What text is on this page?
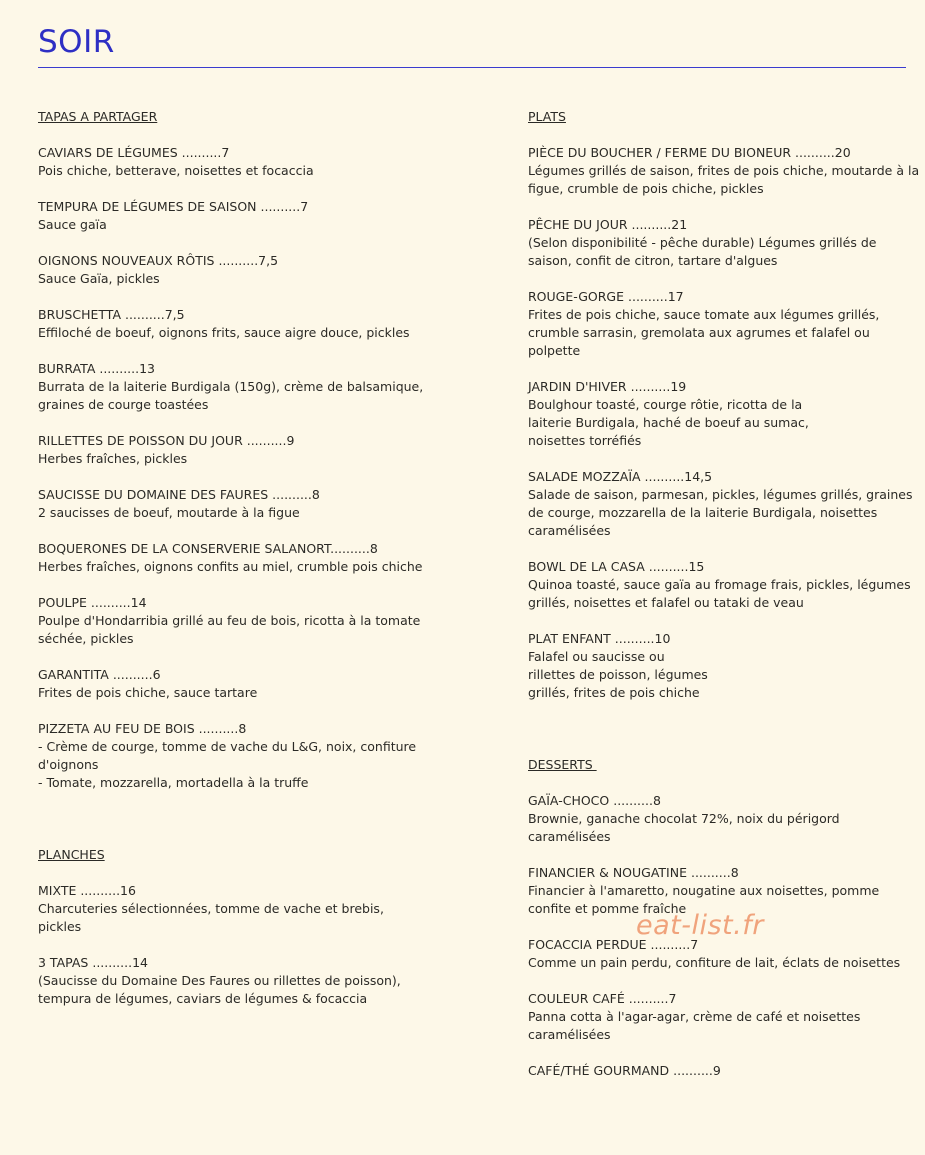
SOIR
TAPAS A PARTAGER
CAVIARS DE LÉGUMES ..........7
Pois chiche, betterave, noisettes et focaccia
TEMPURA DE LÉGUMES DE SAISON ..........7
Sauce gaïa
OIGNONS NOUVEAUX RÔTIS ..........7,5
Sauce Gaïa, pickles
BRUSCHETTA ..........7,5
Effiloché de boeuf, oignons frits, sauce aigre douce, pickles
BURRATA ..........13
Burrata de la laiterie Burdigala (150g), crème de balsamique,
graines de courge toastées
RILLETTES DE POISSON DU JOUR ..........9
Herbes fraîches, pickles
SAUCISSE DU DOMAINE DES FAURES ..........8
2 saucisses de boeuf, moutarde à la figue
BOQUERONES DE LA CONSERVERIE SALANORT..........8
Herbes fraîches, oignons confits au miel, crumble pois chiche
POULPE ..........14
Poulpe d'Hondarribia grillé au feu de bois, ricotta à la tomate
séchée, pickles
GARANTITA ..........6
Frites de pois chiche, sauce tartare
PIZZETA AU FEU DE BOIS ..........8
- Crème de courge, tomme de vache du L&G, noix, confiture
d'oignons
- Tomate, mozzarella, mortadella à la truffe
PLANCHES
MIXTE ..........16
Charcuteries sélectionnées, tomme de vache et brebis,
pickles
3 TAPAS ..........14
(Saucisse du Domaine Des Faures ou rillettes de poisson),
tempura de légumes, caviars de légumes & focaccia
PLATS
PIÈCE DU BOUCHER / FERME DU BIONEUR ..........20
Légumes grillés de saison, frites de pois chiche, moutarde à la
figue, crumble de pois chiche, pickles
PÊCHE DU JOUR ..........21
(Selon disponibilité - pêche durable) Légumes grillés de
saison, confit de citron, tartare d'algues
ROUGE-GORGE ..........17
Frites de pois chiche, sauce tomate aux légumes grillés,
crumble sarrasin, gremolata aux agrumes et falafel ou
polpette
JARDIN D'HIVER ..........19
Boulghour toasté, courge rôtie, ricotta de la
laiterie Burdigala, haché de boeuf au sumac,
noisettes torréfiés
SALADE MOZZAÏA ..........14,5
Salade de saison, parmesan, pickles, légumes grillés, graines
de courge, mozzarella de la laiterie Burdigala, noisettes
caramélisées
BOWL DE LA CASA ..........15
Quinoa toasté, sauce gaïa au fromage frais, pickles, légumes
grillés, noisettes et falafel ou tataki de veau
PLAT ENFANT ..........10
Falafel ou saucisse ou
rillettes de poisson, légumes
grillés, frites de pois chiche
DESSERTS
GAÏA-CHOCO ..........8
Brownie, ganache chocolat 72%, noix du périgord
caramélisées
FINANCIER & NOUGATINE ..........8
Financier à l'amaretto, nougatine aux noisettes, pomme
confite et pomme fraîche
FOCACCIA PERDUE ..........7
Comme un pain perdu, confiture de lait, éclats de noisettes
COULEUR CAFÉ ..........7
Panna cotta à l'agar-agar, crème de café et noisettes
caramélisées
CAFÉ/THÉ GOURMAND ..........9
eat-list.fr
